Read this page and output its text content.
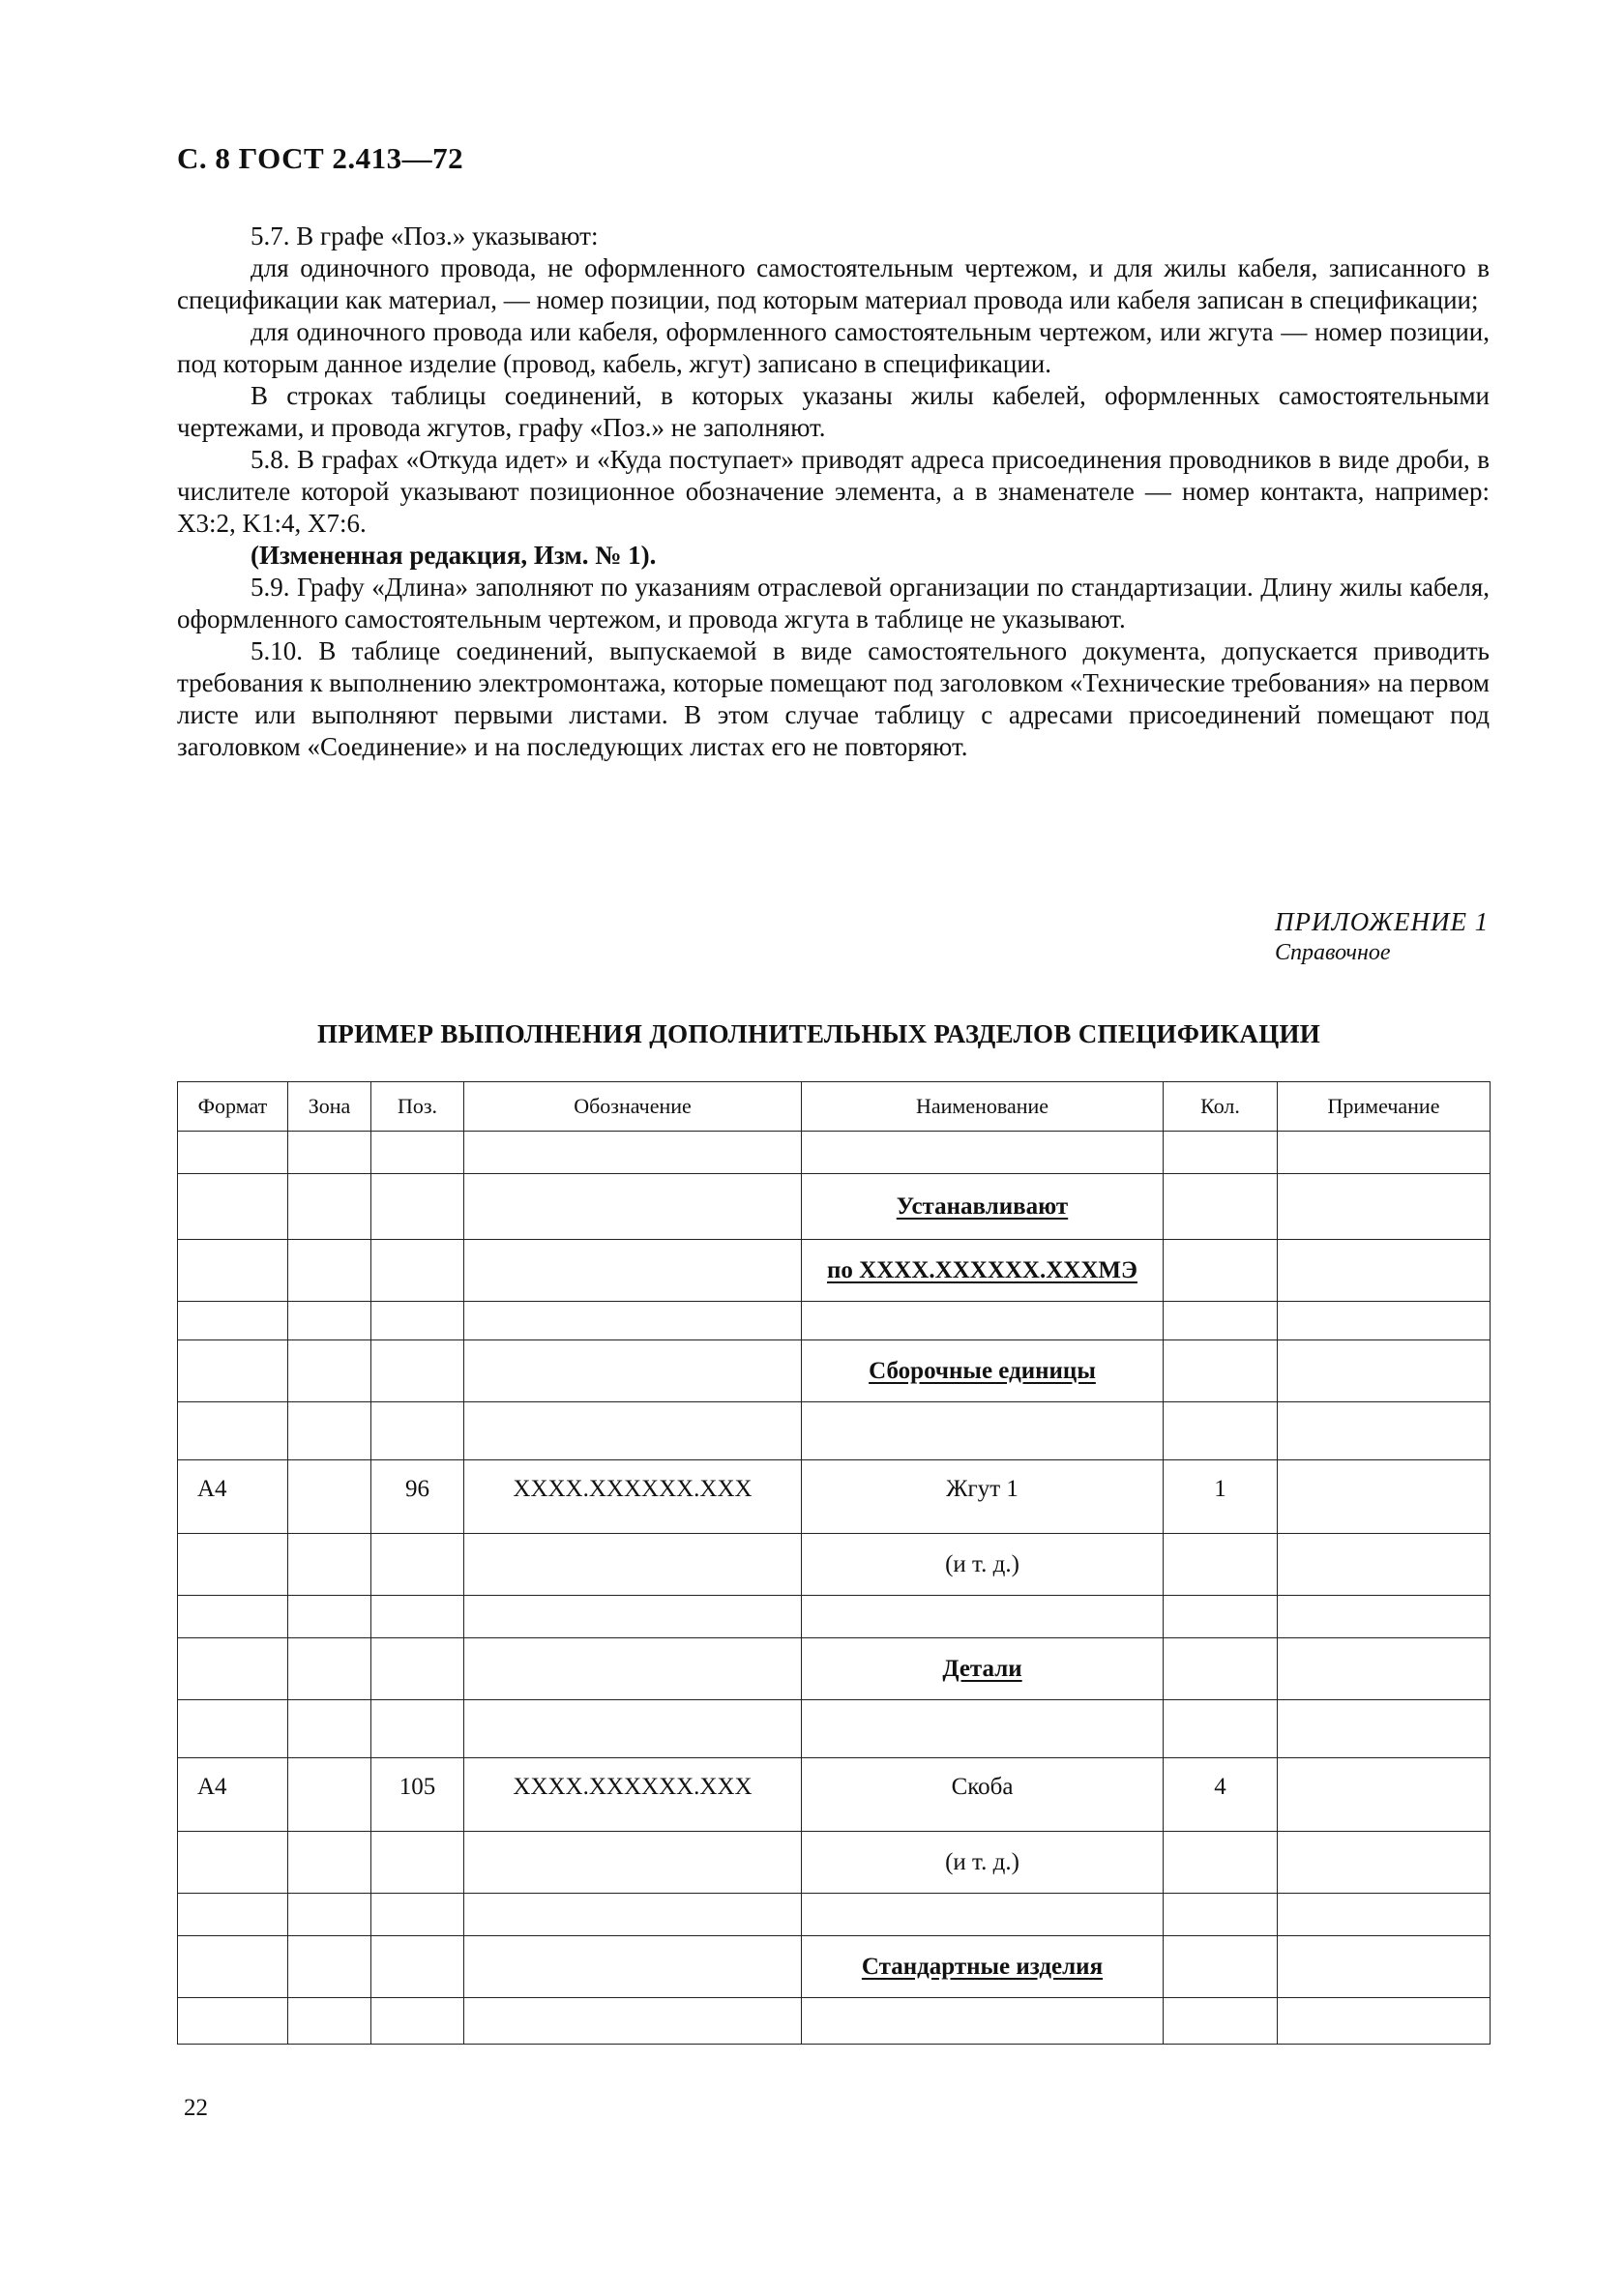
С. 8 ГОСТ 2.413—72

5.7. В графе «Поз.» указывают:

для одиночного провода, не оформленного самостоятельным чертежом, и для жилы кабеля, записанного в спецификации как материал, — номер позиции, под которым материал провода или кабеля записан в спецификации;

для одиночного провода или кабеля, оформленного самостоятельным чертежом, или жгута — номер позиции, под которым данное изделие (провод, кабель, жгут) записано в спецификации.

В строках таблицы соединений, в которых указаны жилы кабелей, оформленных самостоятельными чертежами, и провода жгутов, графу «Поз.» не заполняют.

5.8. В графах «Откуда идет» и «Куда поступает» приводят адреса присоединения проводников в виде дроби, в числителе которой указывают позиционное обозначение элемента, а в знаменателе — номер контакта, например: X3:2, K1:4, X7:6.

(Измененная редакция, Изм. № 1).

5.9. Графу «Длина» заполняют по указаниям отраслевой организации по стандартизации. Длину жилы кабеля, оформленного самостоятельным чертежом, и провода жгута в таблице не указывают.

5.10. В таблице соединений, выпускаемой в виде самостоятельного документа, допускается приводить требования к выполнению электромонтажа, которые помещают под заголовком «Технические требования» на первом листе или выполняют первыми листами. В этом случае таблицу с адресами присоединений помещают под заголовком «Соединение» и на последующих листах его не повторяют.

ПРИЛОЖЕНИЕ 1
Справочное
ПРИМЕР ВЫПОЛНЕНИЯ ДОПОЛНИТЕЛЬНЫХ РАЗДЕЛОВ СПЕЦИФИКАЦИИ
Формат	Зона	Поз.	Обозначение	Наименование	Кол.	Примечание

				Устанавливают		
				по XXXX.XXXXXX.XXXМЭ		

				Сборочные единицы		

A4		96	XXXX.XXXXXX.XXX	Жгут 1	1	
				(и т. д.)		

				Детали		

A4		105	XXXX.XXXXXX.XXX	Скоба	4	
				(и т. д.)		

				Стандартные изделия		

22
